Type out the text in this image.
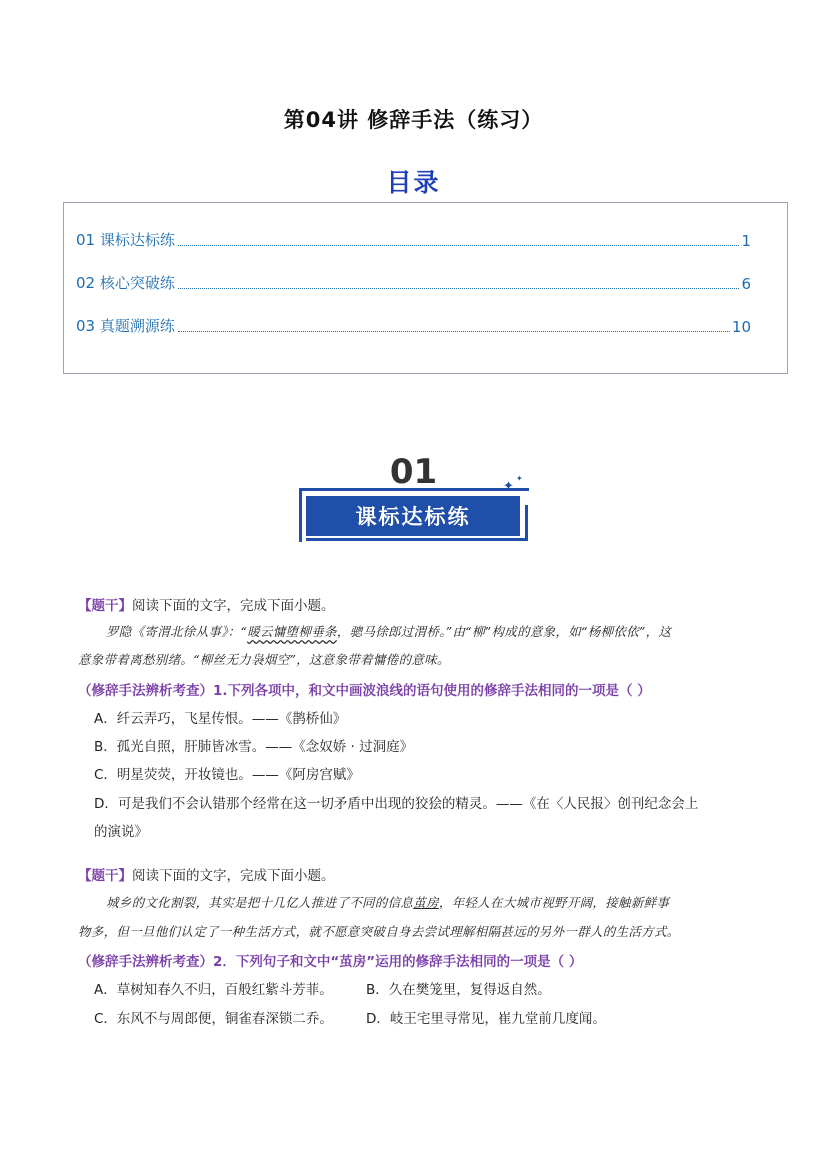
第04讲 修辞手法（练习）
目录
01 课标达标练	1
02 核心突破练	6
03 真题溯源练	10
01
课标达标练
✦
✦
【题干】阅读下面的文字，完成下面小题。
罗隐《寄渭北徐从事》：“暖云慵堕柳垂条，骢马徐郎过渭桥。”由“柳”构成的意象，如“杨柳依依”，这
意象带着离愁别绪。“柳丝无力袅烟空”，这意象带着慵倦的意味。
（修辞手法辨析考查）1.下列各项中，和文中画波浪线的语句使用的修辞手法相同的一项是（ ）
A．纤云弄巧，飞星传恨。——《鹊桥仙》
B．孤光自照，肝肺皆冰雪。——《念奴娇 · 过洞庭》
C．明星荧荧，开妆镜也。——《阿房宫赋》
D．可是我们不会认错那个经常在这一切矛盾中出现的狡狯的精灵。——《在〈人民报〉创刊纪念会上
的演说》
【题干】阅读下面的文字，完成下面小题。
城乡的文化割裂，其实是把十几亿人推进了不同的信息茧房，年轻人在大城市视野开阔，接触新鲜事
物多，但一旦他们认定了一种生活方式，就不愿意突破自身去尝试理解相隔甚远的另外一群人的生活方式。
（修辞手法辨析考查）2．下列句子和文中“茧房”运用的修辞手法相同的一项是（ ）
A．草树知春久不归，百般红紫斗芳菲。 B．久在樊笼里，复得返自然。
C．东风不与周郎便，铜雀春深锁二乔。 D．岐王宅里寻常见，崔九堂前几度闻。
